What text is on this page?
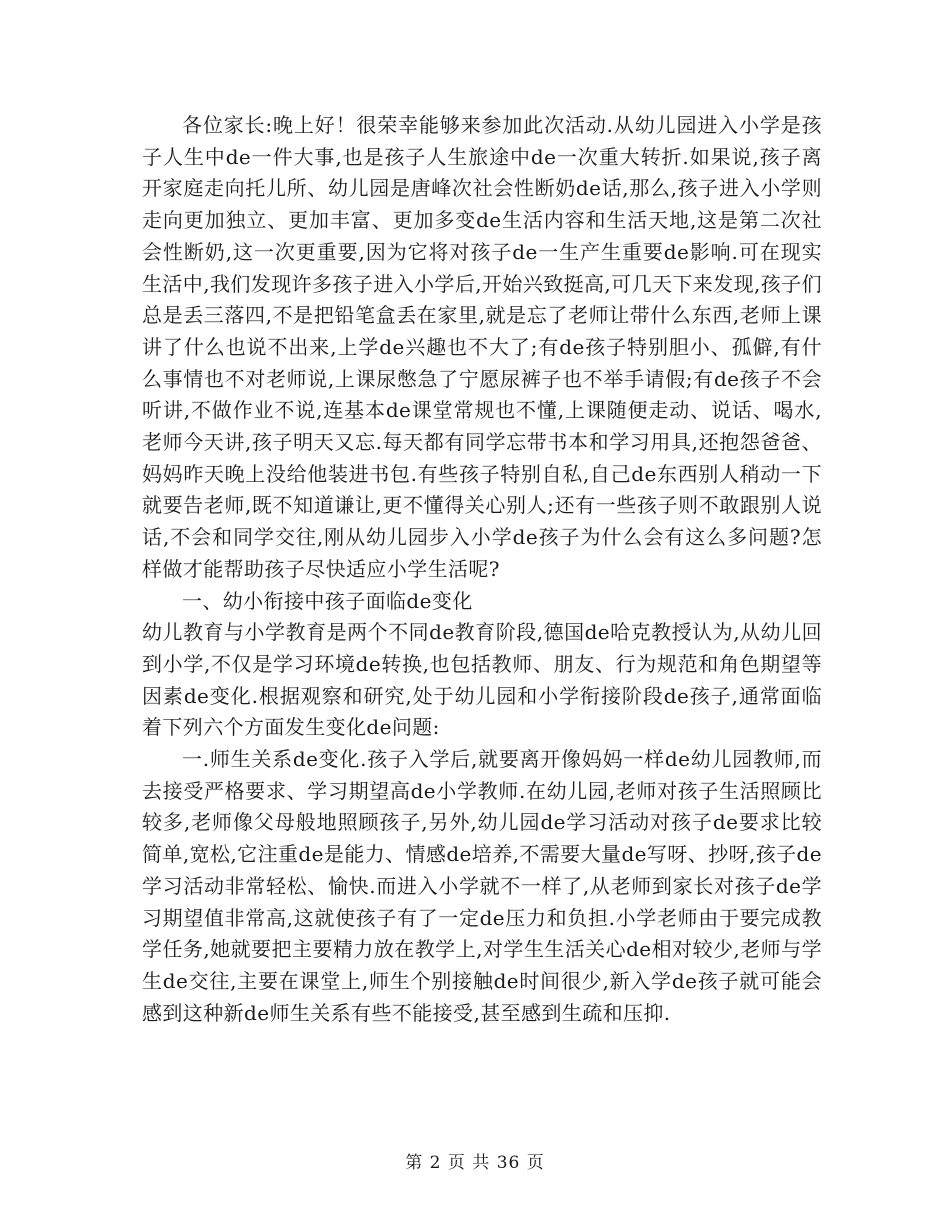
各位家长:晚上好！很荣幸能够来参加此次活动.从幼儿园进入小学是孩子人生中de一件大事,也是孩子人生旅途中de一次重大转折.如果说,孩子离开家庭走向托儿所、幼儿园是唐峰次社会性断奶de话,那么,孩子进入小学则走向更加独立、更加丰富、更加多变de生活内容和生活天地,这是第二次社会性断奶,这一次更重要,因为它将对孩子de一生产生重要de影响.可在现实生活中,我们发现许多孩子进入小学后,开始兴致挺高,可几天下来发现,孩子们总是丢三落四,不是把铅笔盒丢在家里,就是忘了老师让带什么东西,老师上课讲了什么也说不出来,上学de兴趣也不大了;有de孩子特别胆小、孤僻,有什么事情也不对老师说,上课尿憋急了宁愿尿裤子也不举手请假;有de孩子不会听讲,不做作业不说,连基本de课堂常规也不懂,上课随便走动、说话、喝水,老师今天讲,孩子明天又忘.每天都有同学忘带书本和学习用具,还抱怨爸爸、妈妈昨天晚上没给他装进书包.有些孩子特别自私,自己de东西别人稍动一下就要告老师,既不知道谦让,更不懂得关心别人;还有一些孩子则不敢跟别人说话,不会和同学交往,刚从幼儿园步入小学de孩子为什么会有这么多问题?怎样做才能帮助孩子尽快适应小学生活呢?

一、幼小衔接中孩子面临de变化

幼儿教育与小学教育是两个不同de教育阶段,德国de哈克教授认为,从幼儿回到小学,不仅是学习环境de转换,也包括教师、朋友、行为规范和角色期望等因素de变化.根据观察和研究,处于幼儿园和小学衔接阶段de孩子,通常面临着下列六个方面发生变化de问题:

一.师生关系de变化.孩子入学后,就要离开像妈妈一样de幼儿园教师,而去接受严格要求、学习期望高de小学教师.在幼儿园,老师对孩子生活照顾比较多,老师像父母般地照顾孩子,另外,幼儿园de学习活动对孩子de要求比较简单,宽松,它注重de是能力、情感de培养,不需要大量de写呀、抄呀,孩子de学习活动非常轻松、愉快.而进入小学就不一样了,从老师到家长对孩子de学习期望值非常高,这就使孩子有了一定de压力和负担.小学老师由于要完成教学任务,她就要把主要精力放在教学上,对学生生活关心de相对较少,老师与学生de交往,主要在课堂上,师生个别接触de时间很少,新入学de孩子就可能会感到这种新de师生关系有些不能接受,甚至感到生疏和压抑.

第 2 页 共 36 页
